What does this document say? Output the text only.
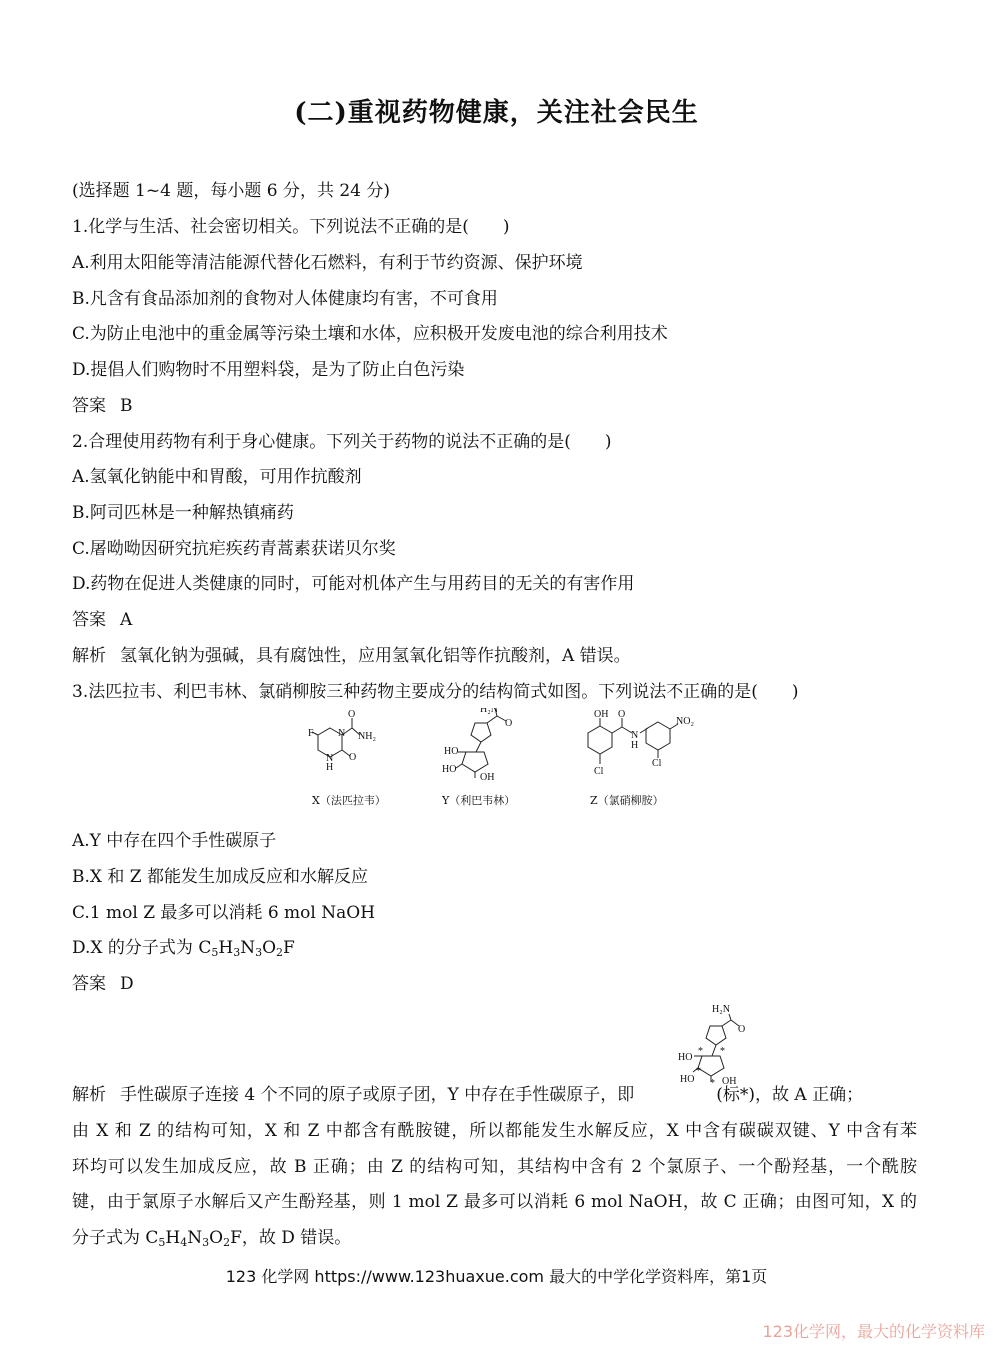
(二)重视药物健康，关注社会民生
(选择题 1~4 题，每小题 6 分，共 24 分)
1.化学与生活、社会密切相关。下列说法不正确的是(　　)
A.利用太阳能等清洁能源代替化石燃料，有利于节约资源、保护环境
B.凡含有食品添加剂的食物对人体健康均有害，不可食用
C.为防止电池中的重金属等污染土壤和水体，应积极开发废电池的综合利用技术
D.提倡人们购物时不用塑料袋，是为了防止白色污染
答案 B
2.合理使用药物有利于身心健康。下列关于药物的说法不正确的是(　　)
A.氢氧化钠能中和胃酸，可用作抗酸剂
B.阿司匹林是一种解热镇痛药
C.屠呦呦因研究抗疟疾药青蒿素获诺贝尔奖
D.药物在促进人类健康的同时，可能对机体产生与用药目的无关的有害作用
答案 A
解析 氢氧化钠为强碱，具有腐蚀性，应用氢氧化铝等作抗酸剂，A 错误。
3.法匹拉韦、利巴韦林、氯硝柳胺三种药物主要成分的结构简式如图。下列说法不正确的是(　　)
F N
N
H
O
NH₂
O
H₂N
O
HO
HO
OH
OH O
N
H
NO₂
Cl
Cl
X（法匹拉韦）	Y（利巴韦林）	Z（氯硝柳胺）
A.Y 中存在四个手性碳原子
B.X 和 Z 都能发生加成反应和水解反应
C.1 mol Z 最多可以消耗 6 mol NaOH
D.X 的分子式为 $C_5H_3N_3O_2F$
答案 D
H₂N
O
HO
HO	OH
* *
*
*
解析 手性碳原子连接 4 个不同的原子或原子团，Y 中存在手性碳原子，即	(标*)，故 A 正确；
由 X 和 Z 的结构可知，X 和 Z 中都含有酰胺键，所以都能发生水解反应，X 中含有碳碳双键、Y 中含有苯
环均可以发生加成反应，故 B 正确；由 Z 的结构可知，其结构中含有 2 个氯原子、一个酚羟基，一个酰胺
键，由于氯原子水解后又产生酚羟基，则 1 mol Z 最多可以消耗 6 mol NaOH，故 C 正确；由图可知，X 的
分子式为 $C_5H_4N_3O_2F$，故 D 错误。
123 化学网 https://www.123huaxue.com 最大的中学化学资料库，第1页
123化学网，最大的化学资料库
